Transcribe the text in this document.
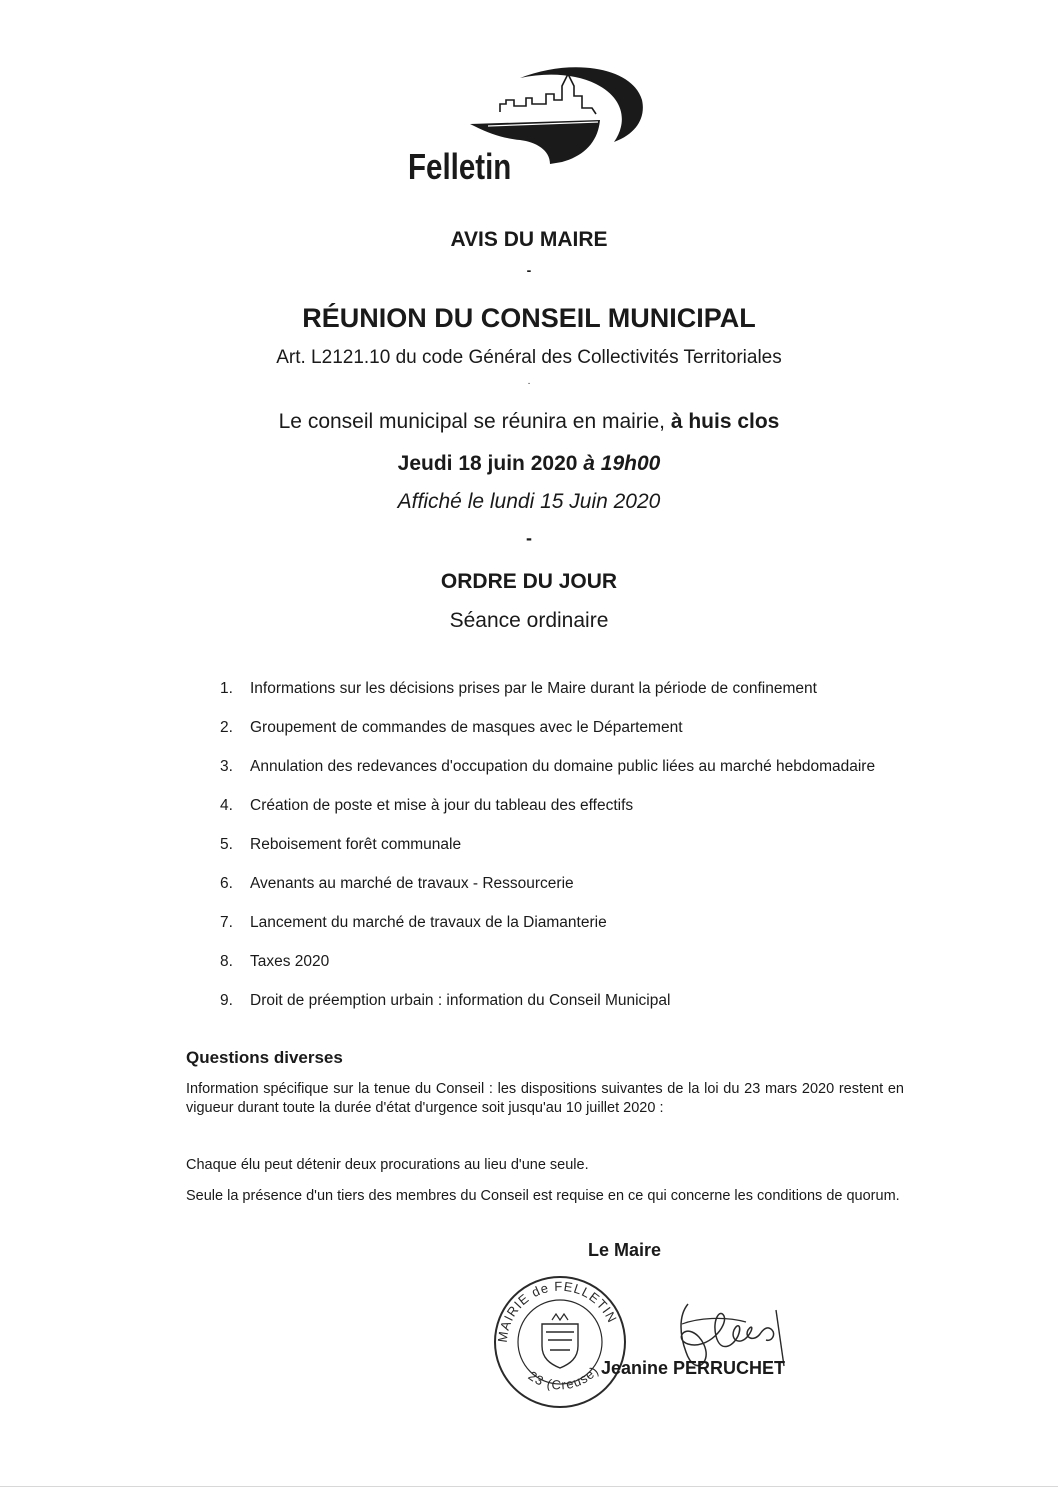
Felletin
AVIS DU MAIRE
-
RÉUNION DU CONSEIL MUNICIPAL
Art. L2121.10 du code Général des Collectivités Territoriales
·
Le conseil municipal se réunira en mairie, à huis clos
Jeudi 18 juin 2020 à 19h00
Affiché le lundi 15 Juin 2020
-
ORDRE DU JOUR
Séance ordinaire
1. Informations sur les décisions prises par le Maire durant la période de confinement
2. Groupement de commandes de masques avec le Département
3. Annulation des redevances d'occupation du domaine public liées au marché hebdomadaire
4. Création de poste et mise à jour du tableau des effectifs
5. Reboisement forêt communale
6. Avenants au marché de travaux - Ressourcerie
7. Lancement du marché de travaux de la Diamanterie
8. Taxes 2020
9. Droit de préemption urbain : information du Conseil Municipal
Questions diverses
Information spécifique sur la tenue du Conseil : les dispositions suivantes de la loi du 23 mars 2020 restent en vigueur durant toute la durée d'état d'urgence soit jusqu'au 10 juillet 2020 :
Chaque élu peut détenir deux procurations au lieu d'une seule.
Seule la présence d'un tiers des membres du Conseil est requise en ce qui concerne les conditions de quorum.
Le Maire
MAIRIE de FELLETIN
23 (Creuse) Jeanine PERRUCHET
